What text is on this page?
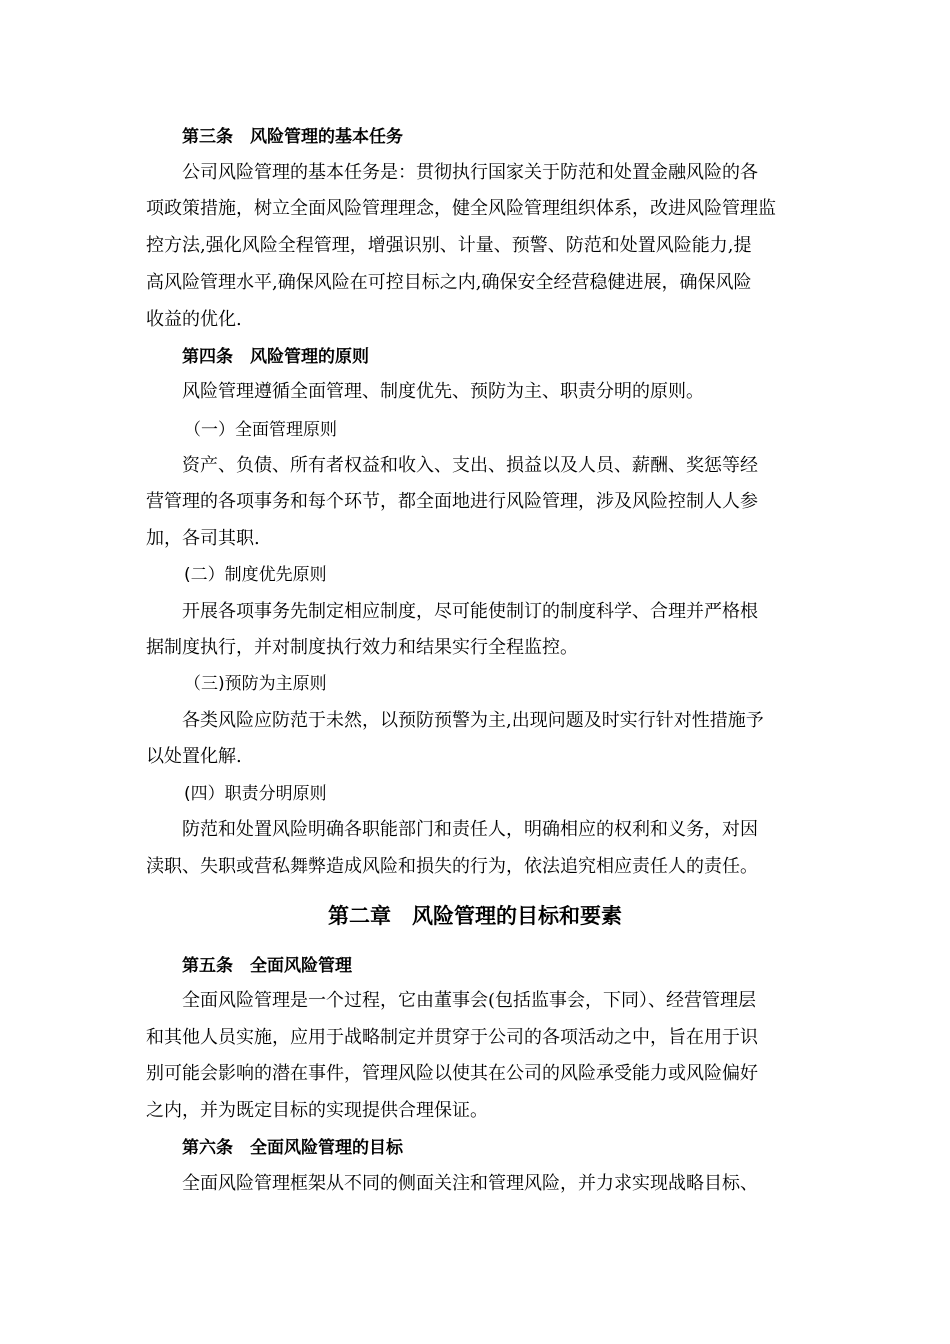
第三条　风险管理的基本任务
公司风险管理的基本任务是：贯彻执行国家关于防范和处置金融风险的各
项政策措施，树立全面风险管理理念，健全风险管理组织体系，改进风险管理监
控方法,强化风险全程管理，增强识别、计量、预警、防范和处置风险能力,提
高风险管理水平,确保风险在可控目标之内,确保安全经营稳健进展，确保风险
收益的优化.
第四条　风险管理的原则
风险管理遵循全面管理、制度优先、预防为主、职责分明的原则。
（一）全面管理原则
资产、负债、所有者权益和收入、支出、损益以及人员、薪酬、奖惩等经
营管理的各项事务和每个环节，都全面地进行风险管理，涉及风险控制人人参
加，各司其职.
(二）制度优先原则
开展各项事务先制定相应制度，尽可能使制订的制度科学、合理并严格根
据制度执行，并对制度执行效力和结果实行全程监控。
（三)预防为主原则
各类风险应防范于未然，以预防预警为主,出现问题及时实行针对性措施予
以处置化解.
(四）职责分明原则
防范和处置风险明确各职能部门和责任人，明确相应的权利和义务，对因
渎职、失职或营私舞弊造成风险和损失的行为，依法追究相应责任人的责任。
第二章　风险管理的目标和要素
第五条　全面风险管理
全面风险管理是一个过程，它由董事会(包括监事会，下同）、经营管理层
和其他人员实施，应用于战略制定并贯穿于公司的各项活动之中，旨在用于识
别可能会影响的潜在事件，管理风险以使其在公司的风险承受能力或风险偏好
之内，并为既定目标的实现提供合理保证。
第六条　全面风险管理的目标
全面风险管理框架从不同的侧面关注和管理风险，并力求实现战略目标、
